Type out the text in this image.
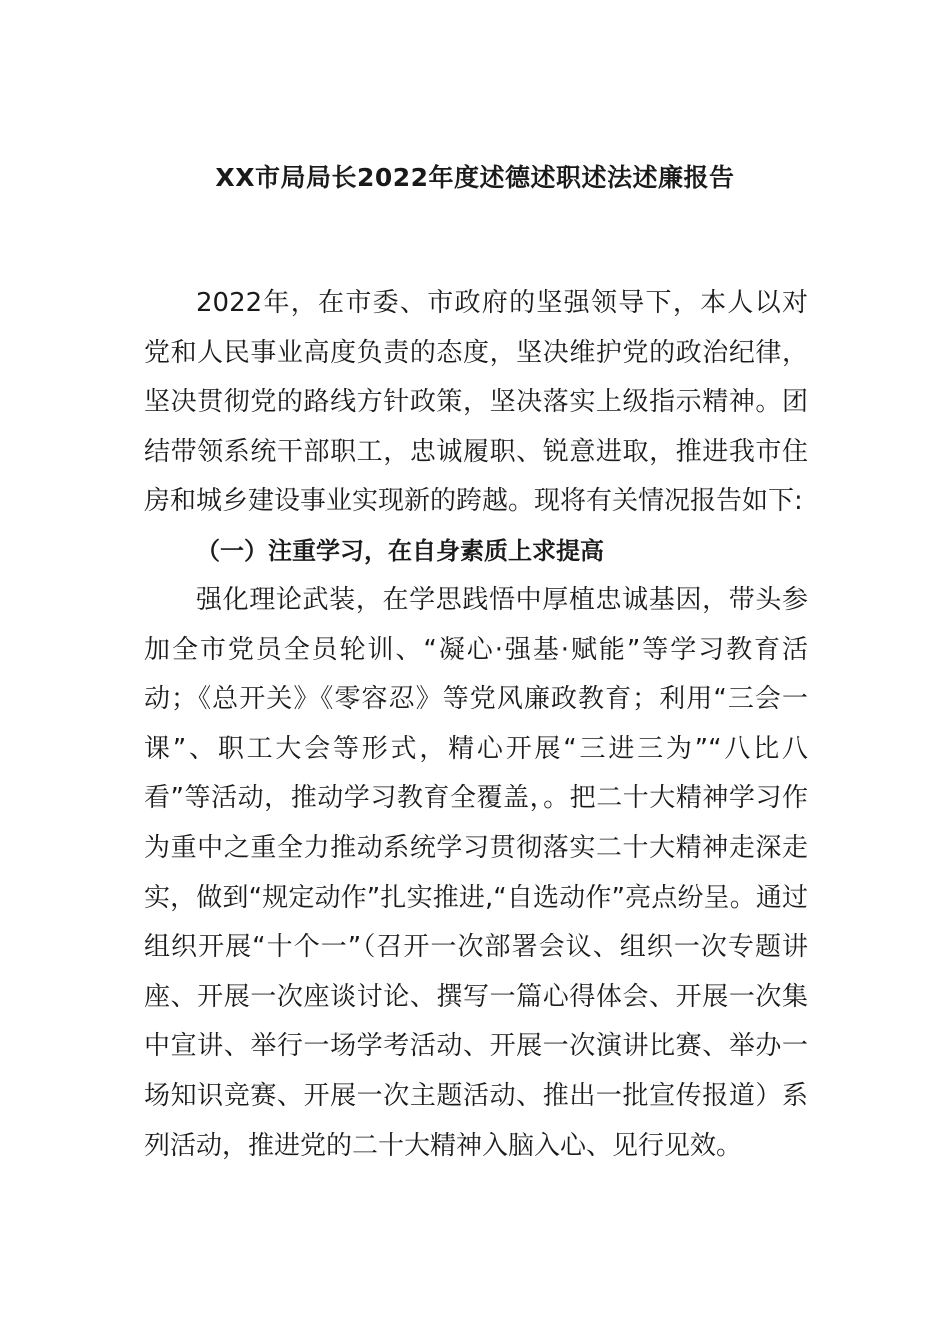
XX市局局长2022年度述德述职述法述廉报告

2022年，在市委、市政府的坚强领导下，本人以对党和人民事业高度负责的态度，坚决维护党的政治纪律，坚决贯彻党的路线方针政策，坚决落实上级指示精神。团结带领系统干部职工，忠诚履职、锐意进取，推进我市住房和城乡建设事业实现新的跨越。现将有关情况报告如下:

（一）注重学习，在自身素质上求提高

强化理论武装，在学思践悟中厚植忠诚基因，带头参加全市党员全员轮训、“凝心·强基·赋能”等学习教育活动；《总开关》《零容忍》等党风廉政教育；利用“三会一课”、职工大会等形式，精心开展“三进三为”“八比八看”等活动，推动学习教育全覆盖，。把二十大精神学习作为重中之重全力推动系统学习贯彻落实二十大精神走深走实，做到“规定动作”扎实推进,“自选动作”亮点纷呈。通过组织开展“十个一”（召开一次部署会议、组织一次专题讲座、开展一次座谈讨论、撰写一篇心得体会、开展一次集中宣讲、举行一场学考活动、开展一次演讲比赛、举办一场知识竞赛、开展一次主题活动、推出一批宣传报道）系列活动，推进党的二十大精神入脑入心、见行见效。
